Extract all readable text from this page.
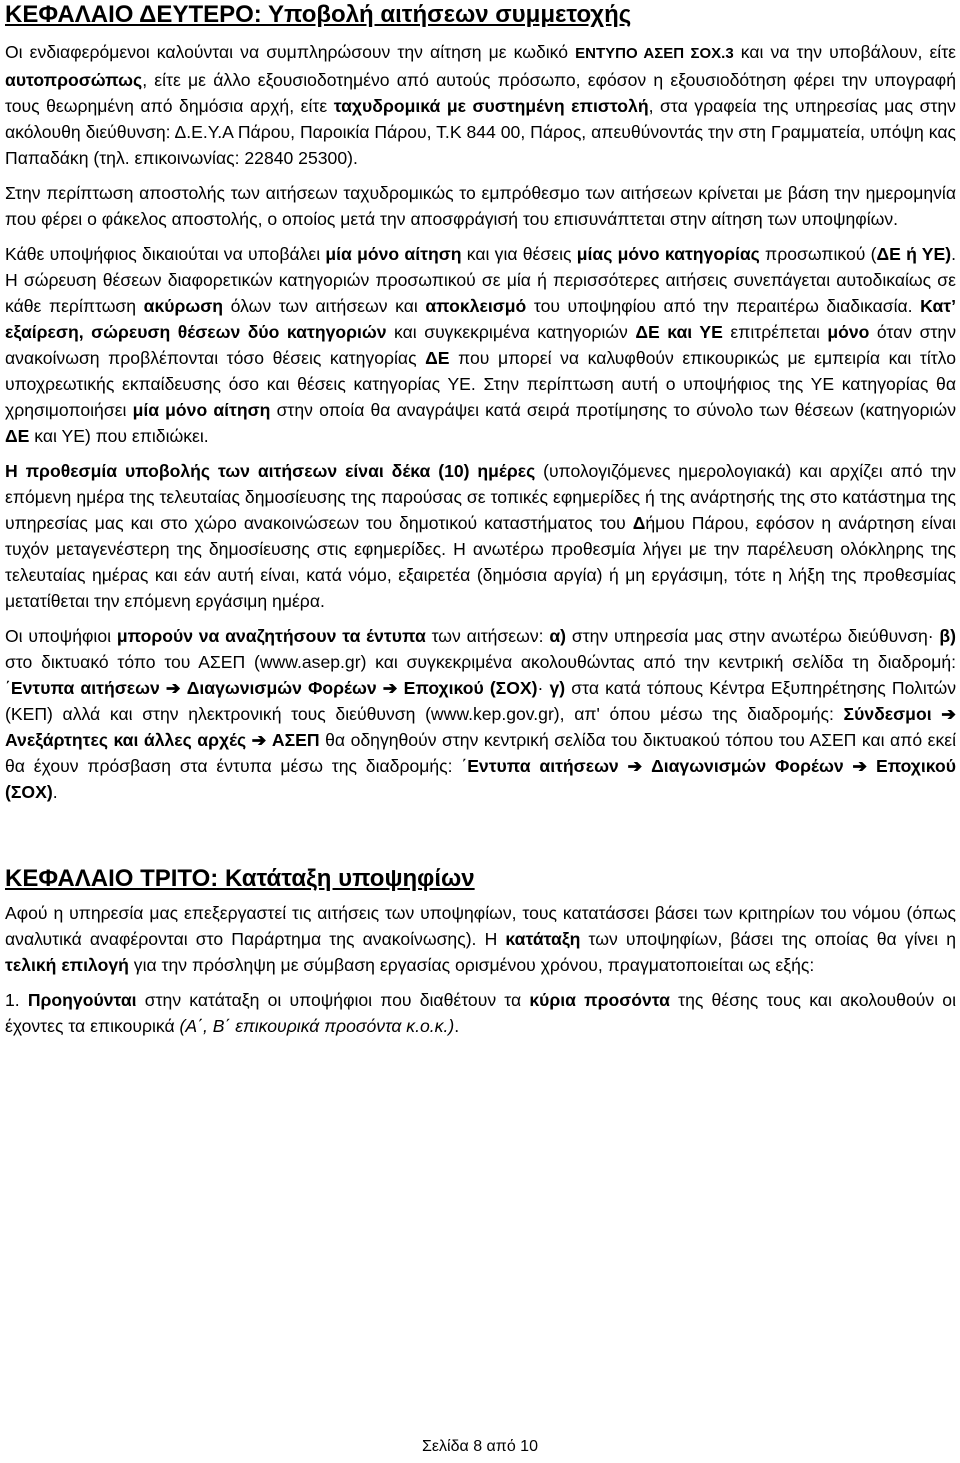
ΚΕΦΑΛΑΙΟ ΔΕΥΤΕΡΟ: Υποβολή αιτήσεων συμμετοχής

Οι ενδιαφερόμενοι καλούνται να συμπληρώσουν την αίτηση με κωδικό ΕΝΤΥΠΟ ΑΣΕΠ ΣΟΧ.3 και να την υποβάλουν, είτε αυτοπροσώπως, είτε με άλλο εξουσιοδοτημένο από αυτούς πρόσωπο, εφόσον η εξουσιοδότηση φέρει την υπογραφή τους θεωρημένη από δημόσια αρχή, είτε ταχυδρομικά με συστημένη επιστολή, στα γραφεία της υπηρεσίας μας στην ακόλουθη διεύθυνση: Δ.Ε.Υ.Α Πάρου, Παροικία Πάρου, Τ.Κ 844 00, Πάρος, απευθύνοντάς την στη Γραμματεία, υπόψη κας Παπαδάκη (τηλ. επικοινωνίας: 22840 25300).

Στην περίπτωση αποστολής των αιτήσεων ταχυδρομικώς το εμπρόθεσμο των αιτήσεων κρίνεται με βάση την ημερομηνία που φέρει ο φάκελος αποστολής, ο οποίος μετά την αποσφράγισή του επισυνάπτεται στην αίτηση των υποψηφίων.

Κάθε υποψήφιος δικαιούται να υποβάλει μία μόνο αίτηση και για θέσεις μίας μόνο κατηγορίας προσωπικού (ΔΕ ή ΥΕ). Η σώρευση θέσεων διαφορετικών κατηγοριών προσωπικού σε μία ή περισσότερες αιτήσεις συνεπάγεται αυτοδικαίως σε κάθε περίπτωση ακύρωση όλων των αιτήσεων και αποκλεισμό του υποψηφίου από την περαιτέρω διαδικασία. Κατ’ εξαίρεση, σώρευση θέσεων δύο κατηγοριών και συγκεκριμένα κατηγοριών ΔΕ και ΥΕ επιτρέπεται μόνο όταν στην ανακοίνωση προβλέπονται τόσο θέσεις κατηγορίας ΔΕ που μπορεί να καλυφθούν επικουρικώς με εμπειρία και τίτλο υποχρεωτικής εκπαίδευσης όσο και θέσεις κατηγορίας ΥΕ. Στην περίπτωση αυτή ο υποψήφιος της ΥΕ κατηγορίας θα χρησιμοποιήσει μία μόνο αίτηση στην οποία θα αναγράψει κατά σειρά προτίμησης το σύνολο των θέσεων (κατηγοριών ΔΕ και ΥΕ) που επιδιώκει.

Η προθεσμία υποβολής των αιτήσεων είναι δέκα (10) ημέρες (υπολογιζόμενες ημερολογιακά) και αρχίζει από την επόμενη ημέρα της τελευταίας δημοσίευσης της παρούσας σε τοπικές εφημερίδες ή της ανάρτησής της στο κατάστημα της υπηρεσίας μας και στο χώρο ανακοινώσεων του δημοτικού καταστήματος του Δήμου Πάρου, εφόσον η ανάρτηση είναι τυχόν μεταγενέστερη της δημοσίευσης στις εφημερίδες. Η ανωτέρω προθεσμία λήγει με την παρέλευση ολόκληρης της τελευταίας ημέρας και εάν αυτή είναι, κατά νόμο, εξαιρετέα (δημόσια αργία) ή μη εργάσιμη, τότε η λήξη της προθεσμίας μετατίθεται την επόμενη εργάσιμη ημέρα.

Οι υποψήφιοι μπορούν να αναζητήσουν τα έντυπα των αιτήσεων: α) στην υπηρεσία μας στην ανωτέρω διεύθυνση· β) στο δικτυακό τόπο του ΑΣΕΠ (www.asep.gr) και συγκεκριμένα ακολουθώντας από την κεντρική σελίδα τη διαδρομή: ΄Εντυπα αιτήσεων ➔ Διαγωνισμών Φορέων ➔ Εποχικού (ΣΟΧ)· γ) στα κατά τόπους Κέντρα Εξυπηρέτησης Πολιτών (ΚΕΠ) αλλά και στην ηλεκτρονική τους διεύθυνση (www.kep.gov.gr), απ' όπου μέσω της διαδρομής: Σύνδεσμοι ➔ Ανεξάρτητες και άλλες αρχές ➔ ΑΣΕΠ θα οδηγηθούν στην κεντρική σελίδα του δικτυακού τόπου του ΑΣΕΠ και από εκεί θα έχουν πρόσβαση στα έντυπα μέσω της διαδρομής: ΄Εντυπα αιτήσεων ➔ Διαγωνισμών Φορέων ➔ Εποχικού (ΣΟΧ).

ΚΕΦΑΛΑΙΟ ΤΡΙΤΟ: Κατάταξη υποψηφίων

Αφού η υπηρεσία μας επεξεργαστεί τις αιτήσεις των υποψηφίων, τους κατατάσσει βάσει των κριτηρίων του νόμου (όπως αναλυτικά αναφέρονται στο Παράρτημα της ανακοίνωσης). Η κατάταξη των υποψηφίων, βάσει της οποίας θα γίνει η τελική επιλογή για την πρόσληψη με σύμβαση εργασίας ορισμένου χρόνου, πραγματοποιείται ως εξής:

1. Προηγούνται στην κατάταξη οι υποψήφιοι που διαθέτουν τα κύρια προσόντα της θέσης τους και ακολουθούν οι έχοντες τα επικουρικά (Α΄, Β΄ επικουρικά προσόντα κ.ο.κ.).

Σελίδα 8 από 10
